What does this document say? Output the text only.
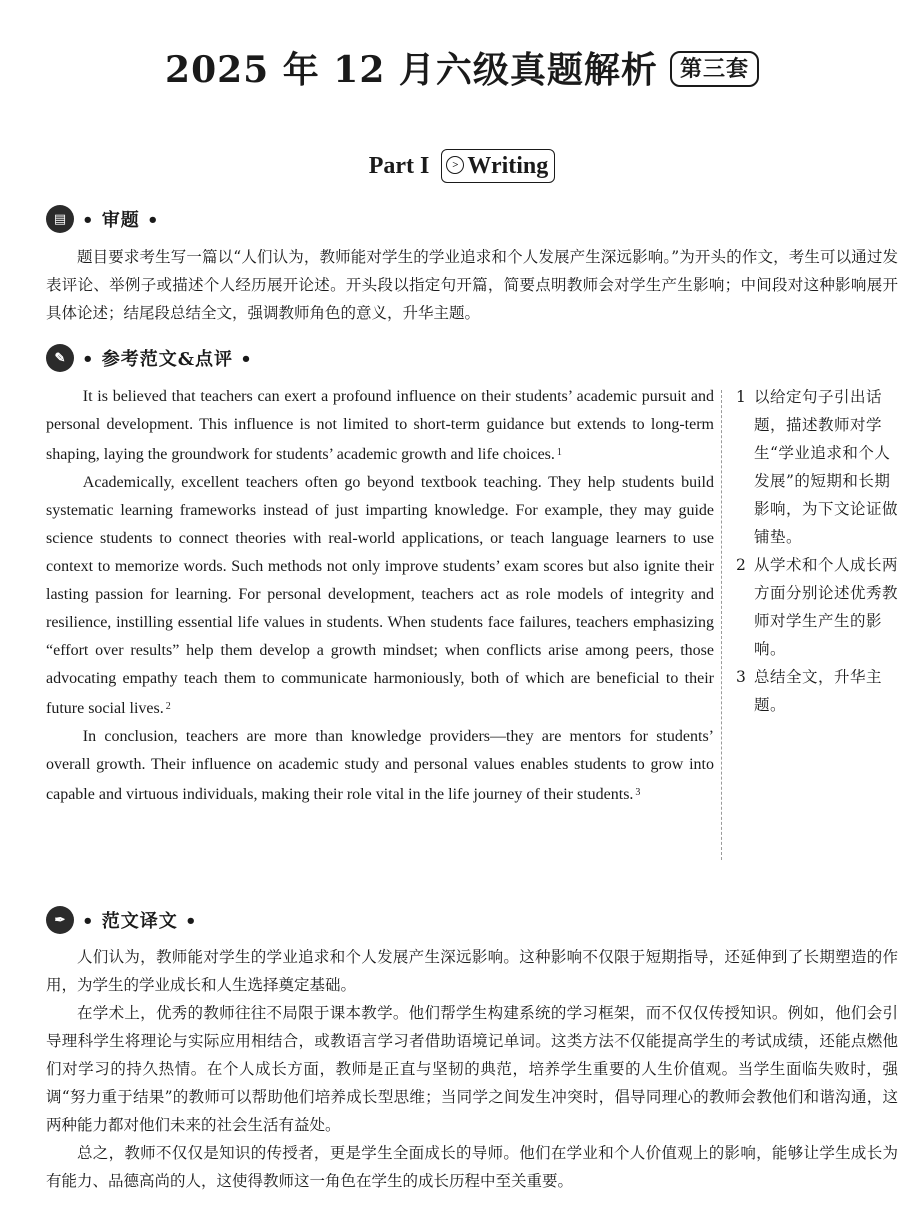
2025 年 12 月六级真题解析 第三套
Part I > Writing
▤ • 审题 •

题目要求考生写一篇以“人们认为，教师能对学生的学业追求和个人发展产生深远影响。”为开头的作文，考生可以通过发表评论、举例子或描述个人经历展开论述。开头段以指定句开篇，简要点明教师会对学生产生影响；中间段对这种影响展开具体论述；结尾段总结全文，强调教师角色的意义，升华主题。

✎ • 参考范文&点评 •

It is believed that teachers can exert a profound influence on their students’ academic pursuit and personal development. This influence is not limited to short-term guidance but extends to long-term shaping, laying the groundwork for students’ academic growth and life choices. $^1$

Academically, excellent teachers often go beyond textbook teaching. They help students build systematic learning frameworks instead of just imparting knowledge. For example, they may guide science students to connect theories with real-world applications, or teach language learners to use context to memorize words. Such methods not only improve students’ exam scores but also ignite their lasting passion for learning. For personal development, teachers act as role models of integrity and resilience, instilling essential life values in students. When students face failures, teachers emphasizing “effort over results” help them develop a growth mindset; when conflicts arise among peers, those advocating empathy teach them to communicate harmoniously, both of which are beneficial to their future social lives. $^2$

In conclusion, teachers are more than knowledge providers—they are mentors for students’ overall growth. Their influence on academic study and personal values enables students to grow into capable and virtuous individuals, making their role vital in the life journey of their students. $^3$

1 以给定句子引出话题，描述教师对学生“学业追求和个人发展”的短期和长期影响，为下文论证做铺垫。
2 从学术和个人成长两方面分别论述优秀教师对学生产生的影响。
3 总结全文，升华主题。
✒ • 范文译文 •

人们认为，教师能对学生的学业追求和个人发展产生深远影响。这种影响不仅限于短期指导，还延伸到了长期塑造的作用，为学生的学业成长和人生选择奠定基础。

在学术上，优秀的教师往往不局限于课本教学。他们帮学生构建系统的学习框架，而不仅仅传授知识。例如，他们会引导理科学生将理论与实际应用相结合，或教语言学习者借助语境记单词。这类方法不仅能提高学生的考试成绩，还能点燃他们对学习的持久热情。在个人成长方面，教师是正直与坚韧的典范，培养学生重要的人生价值观。当学生面临失败时，强调“努力重于结果”的教师可以帮助他们培养成长型思维；当同学之间发生冲突时，倡导同理心的教师会教他们和谐沟通，这两种能力都对他们未来的社会生活有益处。

总之，教师不仅仅是知识的传授者，更是学生全面成长的导师。他们在学业和个人价值观上的影响，能够让学生成长为有能力、品德高尚的人，这使得教师这一角色在学生的成长历程中至关重要。
